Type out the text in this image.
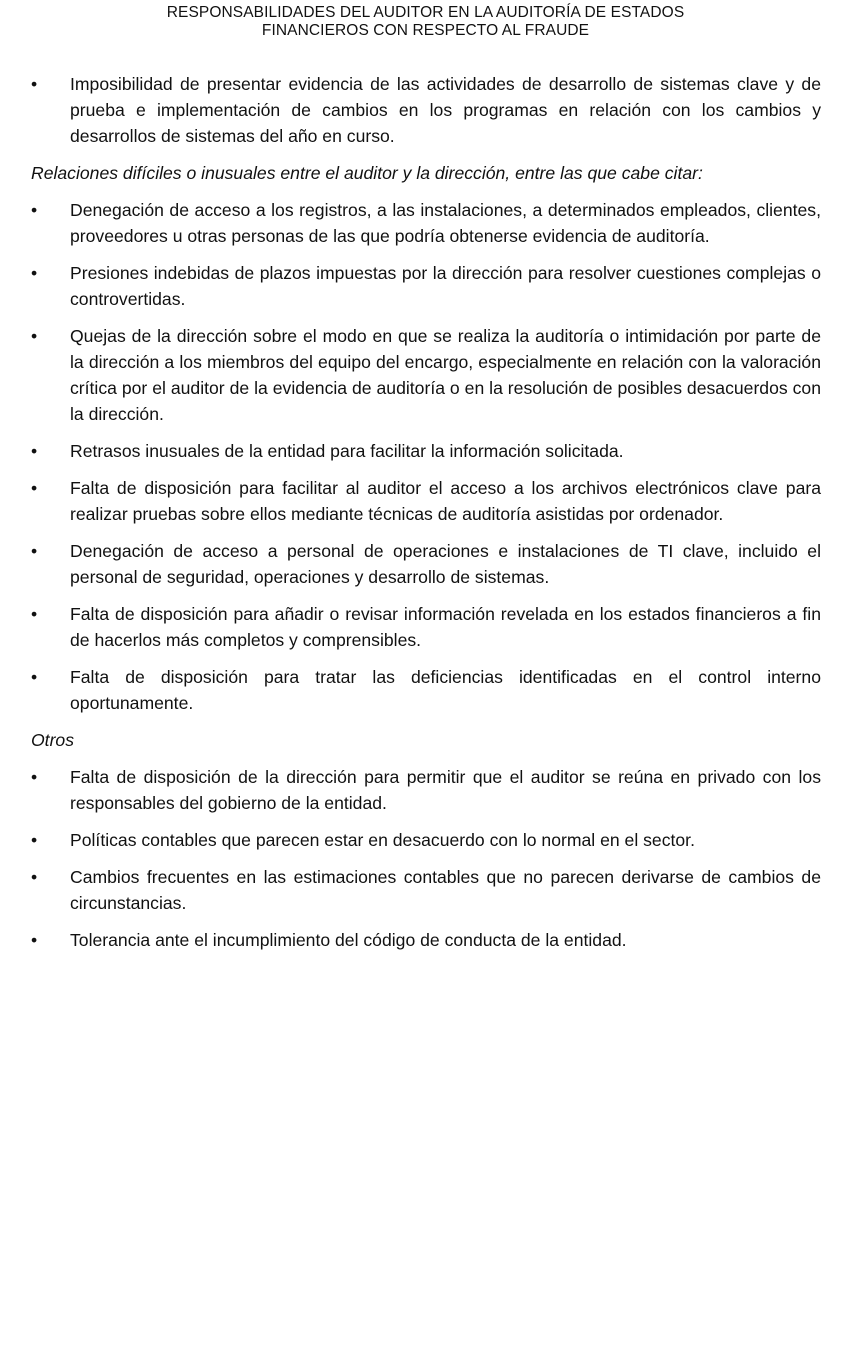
RESPONSABILIDADES DEL AUDITOR EN LA AUDITORÍA DE ESTADOS
FINANCIEROS CON RESPECTO AL FRAUDE
•	Imposibilidad de presentar evidencia de las actividades de desarrollo de sistemas clave y de prueba e implementación de cambios en los programas en relación con los cambios y desarrollos de sistemas del año en curso.
Relaciones difíciles o inusuales entre el auditor y la dirección, entre las que cabe citar:
•	Denegación de acceso a los registros, a las instalaciones, a determinados empleados, clientes, proveedores u otras personas de las que podría obtenerse evidencia de auditoría.
•	Presiones indebidas de plazos impuestas por la dirección para resolver cuestiones complejas o controvertidas.
•	Quejas de la dirección sobre el modo en que se realiza la auditoría o intimidación por parte de la dirección a los miembros del equipo del encargo, especialmente en relación con la valoración crítica por el auditor de la evidencia de auditoría o en la resolución de posibles desacuerdos con la dirección.
•	Retrasos inusuales de la entidad para facilitar la información solicitada.
•	Falta de disposición para facilitar al auditor el acceso a los archivos electrónicos clave para realizar pruebas sobre ellos mediante técnicas de auditoría asistidas por ordenador.
•	Denegación de acceso a personal de operaciones e instalaciones de TI clave, incluido el personal de seguridad, operaciones y desarrollo de sistemas.
•	Falta de disposición para añadir o revisar información revelada en los estados financieros a fin de hacerlos más completos y comprensibles.
•	Falta de disposición para tratar las deficiencias identificadas en el control interno oportunamente.
Otros
•	Falta de disposición de la dirección para permitir que el auditor se reúna en privado con los responsables del gobierno de la entidad.
•	Políticas contables que parecen estar en desacuerdo con lo normal en el sector.
•	Cambios frecuentes en las estimaciones contables que no parecen derivarse de cambios de circunstancias.
•	Tolerancia ante el incumplimiento del código de conducta de la entidad.
